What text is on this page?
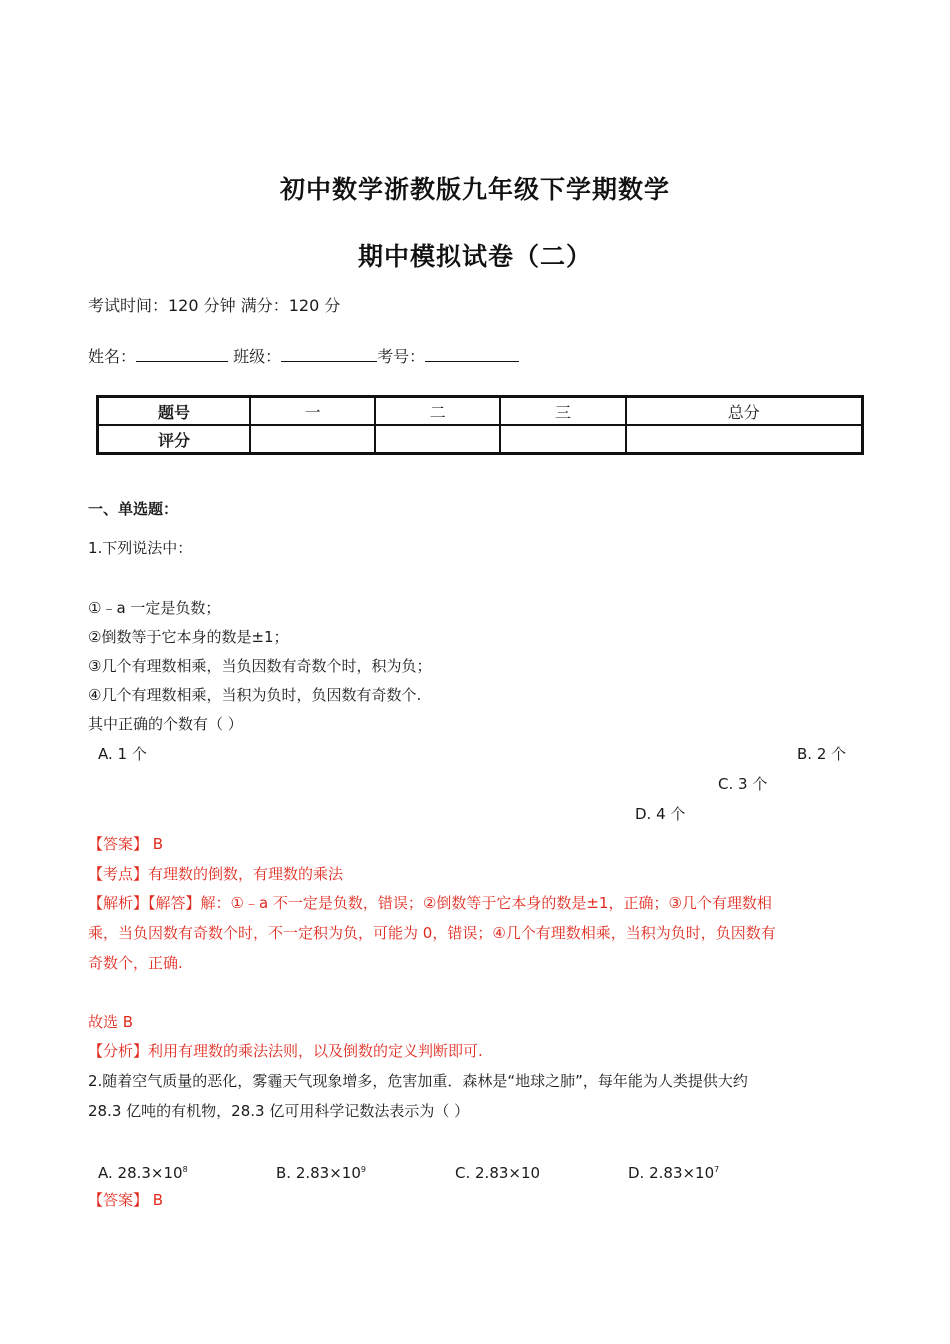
初中数学浙教版九年级下学期数学
期中模拟试卷（二）
考试时间：120 分钟 满分：120 分
姓名：	班级：	考号：
题号	一	二	三	总分
评分				
一、单选题：
1.下列说法中：
①﹣a 一定是负数；
②倒数等于它本身的数是±1；
③几个有理数相乘，当负因数有奇数个时，积为负；
④几个有理数相乘，当积为负时，负因数有奇数个.
其中正确的个数有（ ）
A. 1 个	B. 2 个
C. 3 个
D. 4 个
【答案】 B
【考点】有理数的倒数，有理数的乘法
【解析】【解答】解：①﹣a 不一定是负数，错误；②倒数等于它本身的数是±1，正确；③几个有理数相
乘，当负因数有奇数个时，不一定积为负，可能为 0，错误；④几个有理数相乘，当积为负时，负因数有
奇数个，正确.
故选 B
【分析】利用有理数的乘法法则，以及倒数的定义判断即可.
2.随着空气质量的恶化，雾霾天气现象增多，危害加重．森林是“地球之肺”，每年能为人类提供大约
28.3 亿吨的有机物，28.3 亿可用科学记数法表示为（ ）
A. $28.3\times 10^8$	B. $2.83\times 10^9$	C. 2.83×10	D. $2.83\times 10^7$
【答案】 B
